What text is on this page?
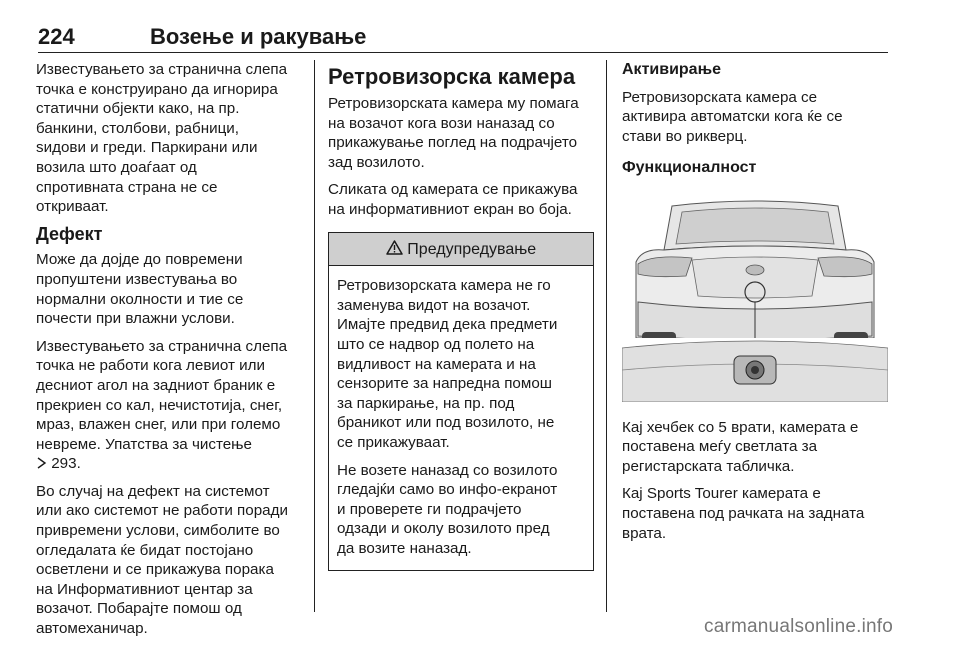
224	Возење и ракување

Известувањето за странична слепа
точка е конструирано да игнорира
статични објекти како, на пр.
банкини, столбови, рабници,
ѕидови и греди. Паркирани или
возила што доаѓаат од
спротивната страна не се
откриваат.

Дефект

Може да дојде до повремени
пропуштени известувања во
нормални околности и тие се
почести при влажни услови.

Известувањето за странична слепа
точка не работи кога левиот или
десниот агол на задниот браник е
прекриен со кал, нечистотија, снег,
мраз, влажен снег, или при големо
невреме. Упатства за чистење
293.

Во случај на дефект на системот
или ако системот не работи поради
привремени услови, симболите во
огледалата ќе бидат постојано
осветлени и се прикажува порака
на Информативниот центар за
возачот. Побарајте помош од
автомеханичар.

Ретровизорска камера

Ретровизорската камера му помага
на возачот кога вози наназад со
прикажување поглед на подрачјето
зад возилото.

Сликата од камерата се прикажува
на информативниот екран во боја.

Предупредување

Ретровизорската камера не го
заменува видот на возачот.
Имајте предвид дека предмети
што се надвор од полето на
видливост на камерата и на
сензорите за напредна помош
за паркирање, на пр. под
браникот или под возилото, не
се прикажуваат.

Не возете наназад со возилото
гледајќи само во инфо-екранот
и проверете ги подрачјето
одзади и околу возилото пред
да возите наназад.

Активирање

Ретровизорската камера се
активира автоматски кога ќе се
стави во рикверц.

Функционалност

Кај хечбек со 5 врати, камерата е
поставена меѓу светлата за
регистарската табличка.

Кај Sports Tourer камерата е
поставена под рачката на задната
врата.

carmanualsonline.info
